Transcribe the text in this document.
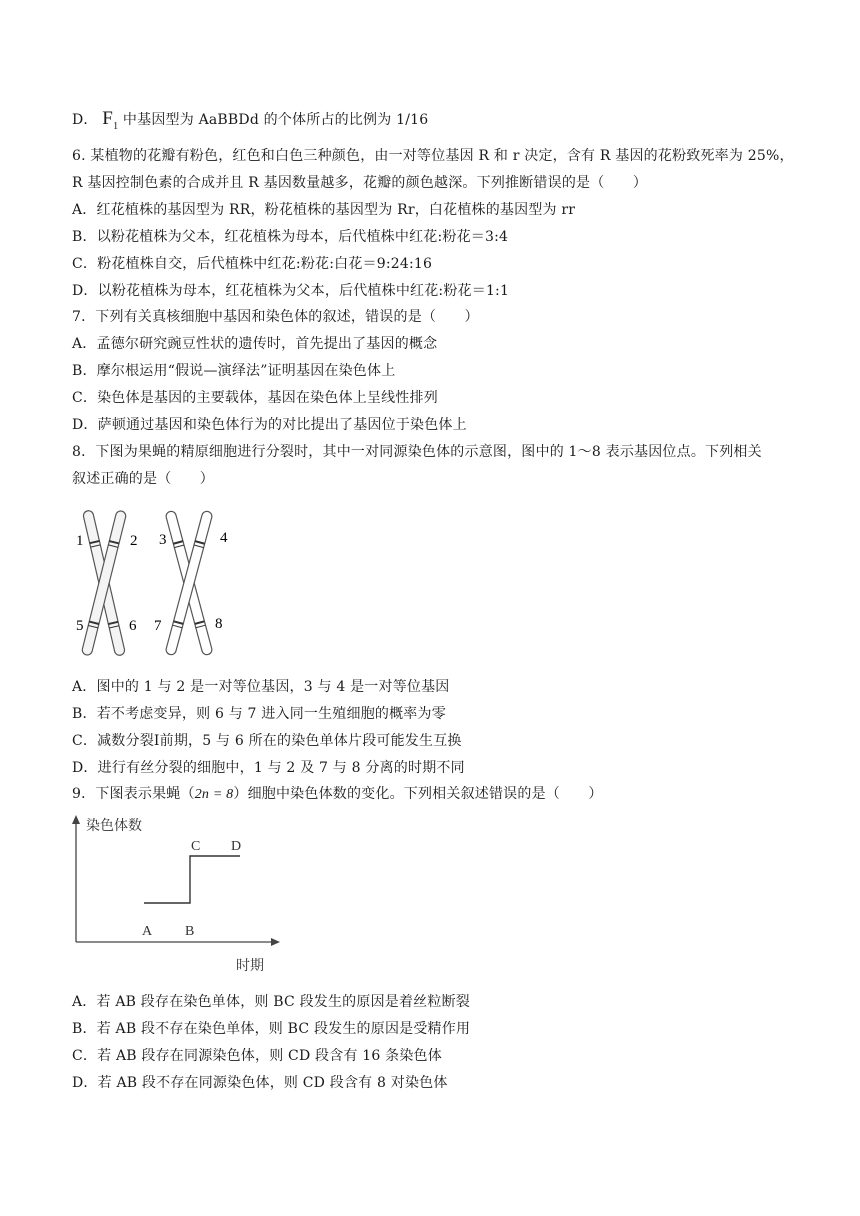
D． $F_1$ 中基因型为 AaBBDd 的个体所占的比例为 1/16
6. 某植物的花瓣有粉色，红色和白色三种颜色，由一对等位基因 R 和 r 决定，含有 R 基因的花粉致死率为 25%，
R 基因控制色素的合成并且 R 基因数量越多，花瓣的颜色越深。下列推断错误的是（　　）
A．红花植株的基因型为 RR，粉花植株的基因型为 Rr，白花植株的基因型为 rr
B．以粉花植株为父本，红花植株为母本，后代植株中红花:粉花＝3:4
C．粉花植株自交，后代植株中红花:粉花:白花＝9:24:16
D．以粉花植株为母本，红花植株为父本，后代植株中红花:粉花＝1:1
7．下列有关真核细胞中基因和染色体的叙述，错误的是（　　）
A．孟德尔研究豌豆性状的遗传时，首先提出了基因的概念
B．摩尔根运用“假说—演绎法”证明基因在染色体上
C．染色体是基因的主要载体，基因在染色体上呈线性排列
D．萨顿通过基因和染色体行为的对比提出了基因位于染色体上
8．下图为果蝇的精原细胞进行分裂时，其中一对同源染色体的示意图，图中的 1～8 表示基因位点。下列相关
叙述正确的是（　　）
1	2 3	4
5	6 7	8
A．图中的 1 与 2 是一对等位基因，3 与 4 是一对等位基因
B．若不考虑变异，则 6 与 7 进入同一生殖细胞的概率为零
C．减数分裂Ⅰ前期，5 与 6 所在的染色单体片段可能发生互换
D．进行有丝分裂的细胞中，1 与 2 及 7 与 8 分离的时期不同
9．下图表示果蝇（2n = 8）细胞中染色体数的变化。下列相关叙述错误的是（　　）
染色体数
时期
A B
C D
A．若 AB 段存在染色单体，则 BC 段发生的原因是着丝粒断裂
B．若 AB 段不存在染色单体，则 BC 段发生的原因是受精作用
C．若 AB 段存在同源染色体，则 CD 段含有 16 条染色体
D．若 AB 段不存在同源染色体，则 CD 段含有 8 对染色体
